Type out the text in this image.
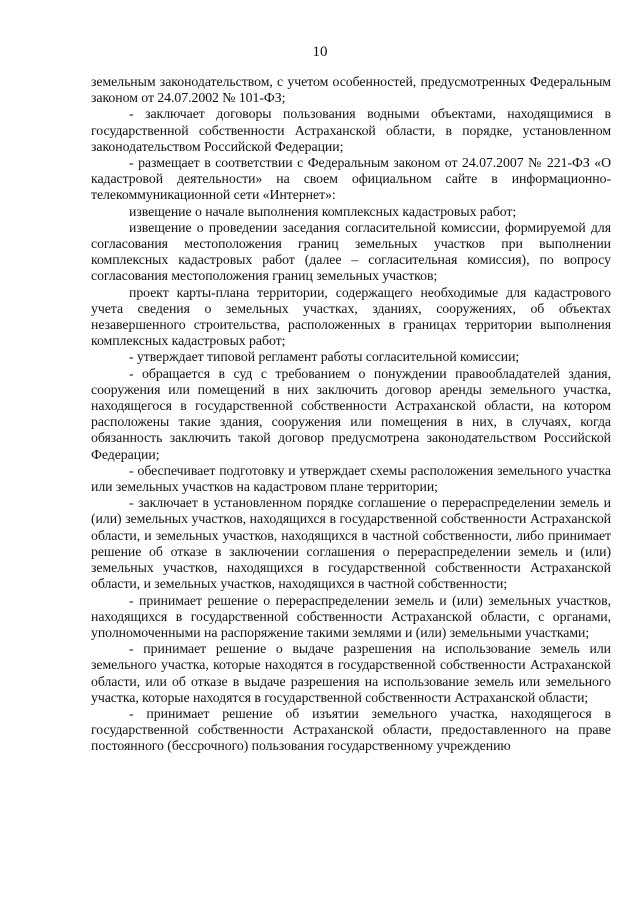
10

земельным законодательством, с учетом особенностей, предусмотренных Федеральным законом от 24.07.2002 № 101-ФЗ;

- заключает договоры пользования водными объектами, находящимися в государственной собственности Астраханской области, в порядке, установленном законодательством Российской Федерации;

- размещает в соответствии с Федеральным законом от 24.07.2007 № 221-ФЗ «О кадастровой деятельности» на своем официальном сайте в информационно-телекоммуникационной сети «Интернет»:

извещение о начале выполнения комплексных кадастровых работ;

извещение о проведении заседания согласительной комиссии, формируемой для согласования местоположения границ земельных участков при выполнении комплексных кадастровых работ (далее – согласительная комиссия), по вопросу согласования местоположения границ земельных участков;

проект карты-плана территории, содержащего необходимые для кадастрового учета сведения о земельных участках, зданиях, сооружениях, об объектах незавершенного строительства, расположенных в границах территории выполнения комплексных кадастровых работ;

- утверждает типовой регламент работы согласительной комиссии;

- обращается в суд с требованием о понуждении правообладателей здания, сооружения или помещений в них заключить договор аренды земельного участка, находящегося в государственной собственности Астраханской области, на котором расположены такие здания, сооружения или помещения в них, в случаях, когда обязанность заключить такой договор предусмотрена законодательством Российской Федерации;

- обеспечивает подготовку и утверждает схемы расположения земельного участка или земельных участков на кадастровом плане территории;

- заключает в установленном порядке соглашение о перераспределении земель и (или) земельных участков, находящихся в государственной собственности Астраханской области, и земельных участков, находящихся в частной собственности, либо принимает решение об отказе в заключении соглашения о перераспределении земель и (или) земельных участков, находящихся в государственной собственности Астраханской области, и земельных участков, находящихся в частной собственности;

- принимает решение о перераспределении земель и (или) земельных участков, находящихся в государственной собственности Астраханской области, с органами, уполномоченными на распоряжение такими землями и (или) земельными участками;

- принимает решение о выдаче разрешения на использование земель или земельного участка, которые находятся в государственной собственности Астраханской области, или об отказе в выдаче разрешения на использование земель или земельного участка, которые находятся в государственной собственности Астраханской области;

- принимает решение об изъятии земельного участка, находящегося в государственной собственности Астраханской области, предоставленного на праве постоянного (бессрочного) пользования государственному учреждению
